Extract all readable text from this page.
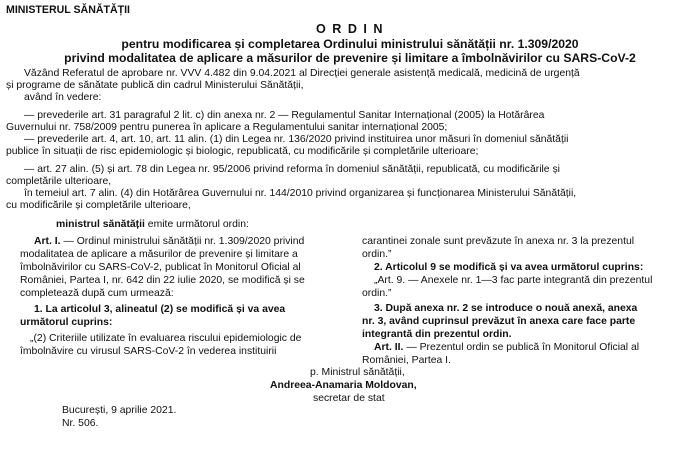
MINISTERUL SĂNĂTĂȚII
O R D I N
pentru modificarea și completarea Ordinului ministrului sănătății nr. 1.309/2020
privind modalitatea de aplicare a măsurilor de prevenire și limitare a îmbolnăvirilor cu SARS-CoV-2
Văzând Referatul de aprobare nr. VVV 4.482 din 9.04.2021 al Direcției generale asistență medicală, medicină de urgență
și programe de sănătate publică din cadrul Ministerului Sănătății,
având în vedere:
— prevederile art. 31 paragraful 2 lit. c) din anexa nr. 2 — Regulamentul Sanitar Internațional (2005) la Hotărârea
Guvernului nr. 758/2009 pentru punerea în aplicare a Regulamentului sanitar internațional 2005;
— prevederile art. 4, art. 10, art. 11 alin. (1) din Legea nr. 136/2020 privind instituirea unor măsuri în domeniul sănătății
publice în situații de risc epidemiologic și biologic, republicată, cu modificările și completările ulterioare;
— art. 27 alin. (5) și art. 78 din Legea nr. 95/2006 privind reforma în domeniul sănătății, republicată, cu modificările și
completările ulterioare,
în temeiul art. 7 alin. (4) din Hotărârea Guvernului nr. 144/2010 privind organizarea și funcționarea Ministerului Sănătății,
cu modificările și completările ulterioare,
ministrul sănătății emite următorul ordin:
Art. I. — Ordinul ministrului sănătății nr. 1.309/2020 privind
modalitatea de aplicare a măsurilor de prevenire și limitare a
îmbolnăvirilor cu SARS-CoV-2, publicat în Monitorul Oficial al
României, Partea I, nr. 642 din 22 iulie 2020, se modifică și se
completează după cum urmează:
1. La articolul 3, alineatul (2) se modifică și va avea
următorul cuprins:
„(2) Criteriile utilizate în evaluarea riscului epidemiologic de
îmbolnăvire cu virusul SARS-CoV-2 în vederea instituirii
carantinei zonale sunt prevăzute în anexa nr. 3 la prezentul
ordin.”
2. Articolul 9 se modifică și va avea următorul cuprins:
„Art. 9. — Anexele nr. 1—3 fac parte integrantă din prezentul
ordin.”
3. După anexa nr. 2 se introduce o nouă anexă, anexa
nr. 3, având cuprinsul prevăzut în anexa care face parte
integrantă din prezentul ordin.
Art. II. — Prezentul ordin se publică în Monitorul Oficial al
României, Partea I.
p. Ministrul sănătății,
Andreea-Anamaria Moldovan,
secretar de stat
București, 9 aprilie 2021.
Nr. 506.
